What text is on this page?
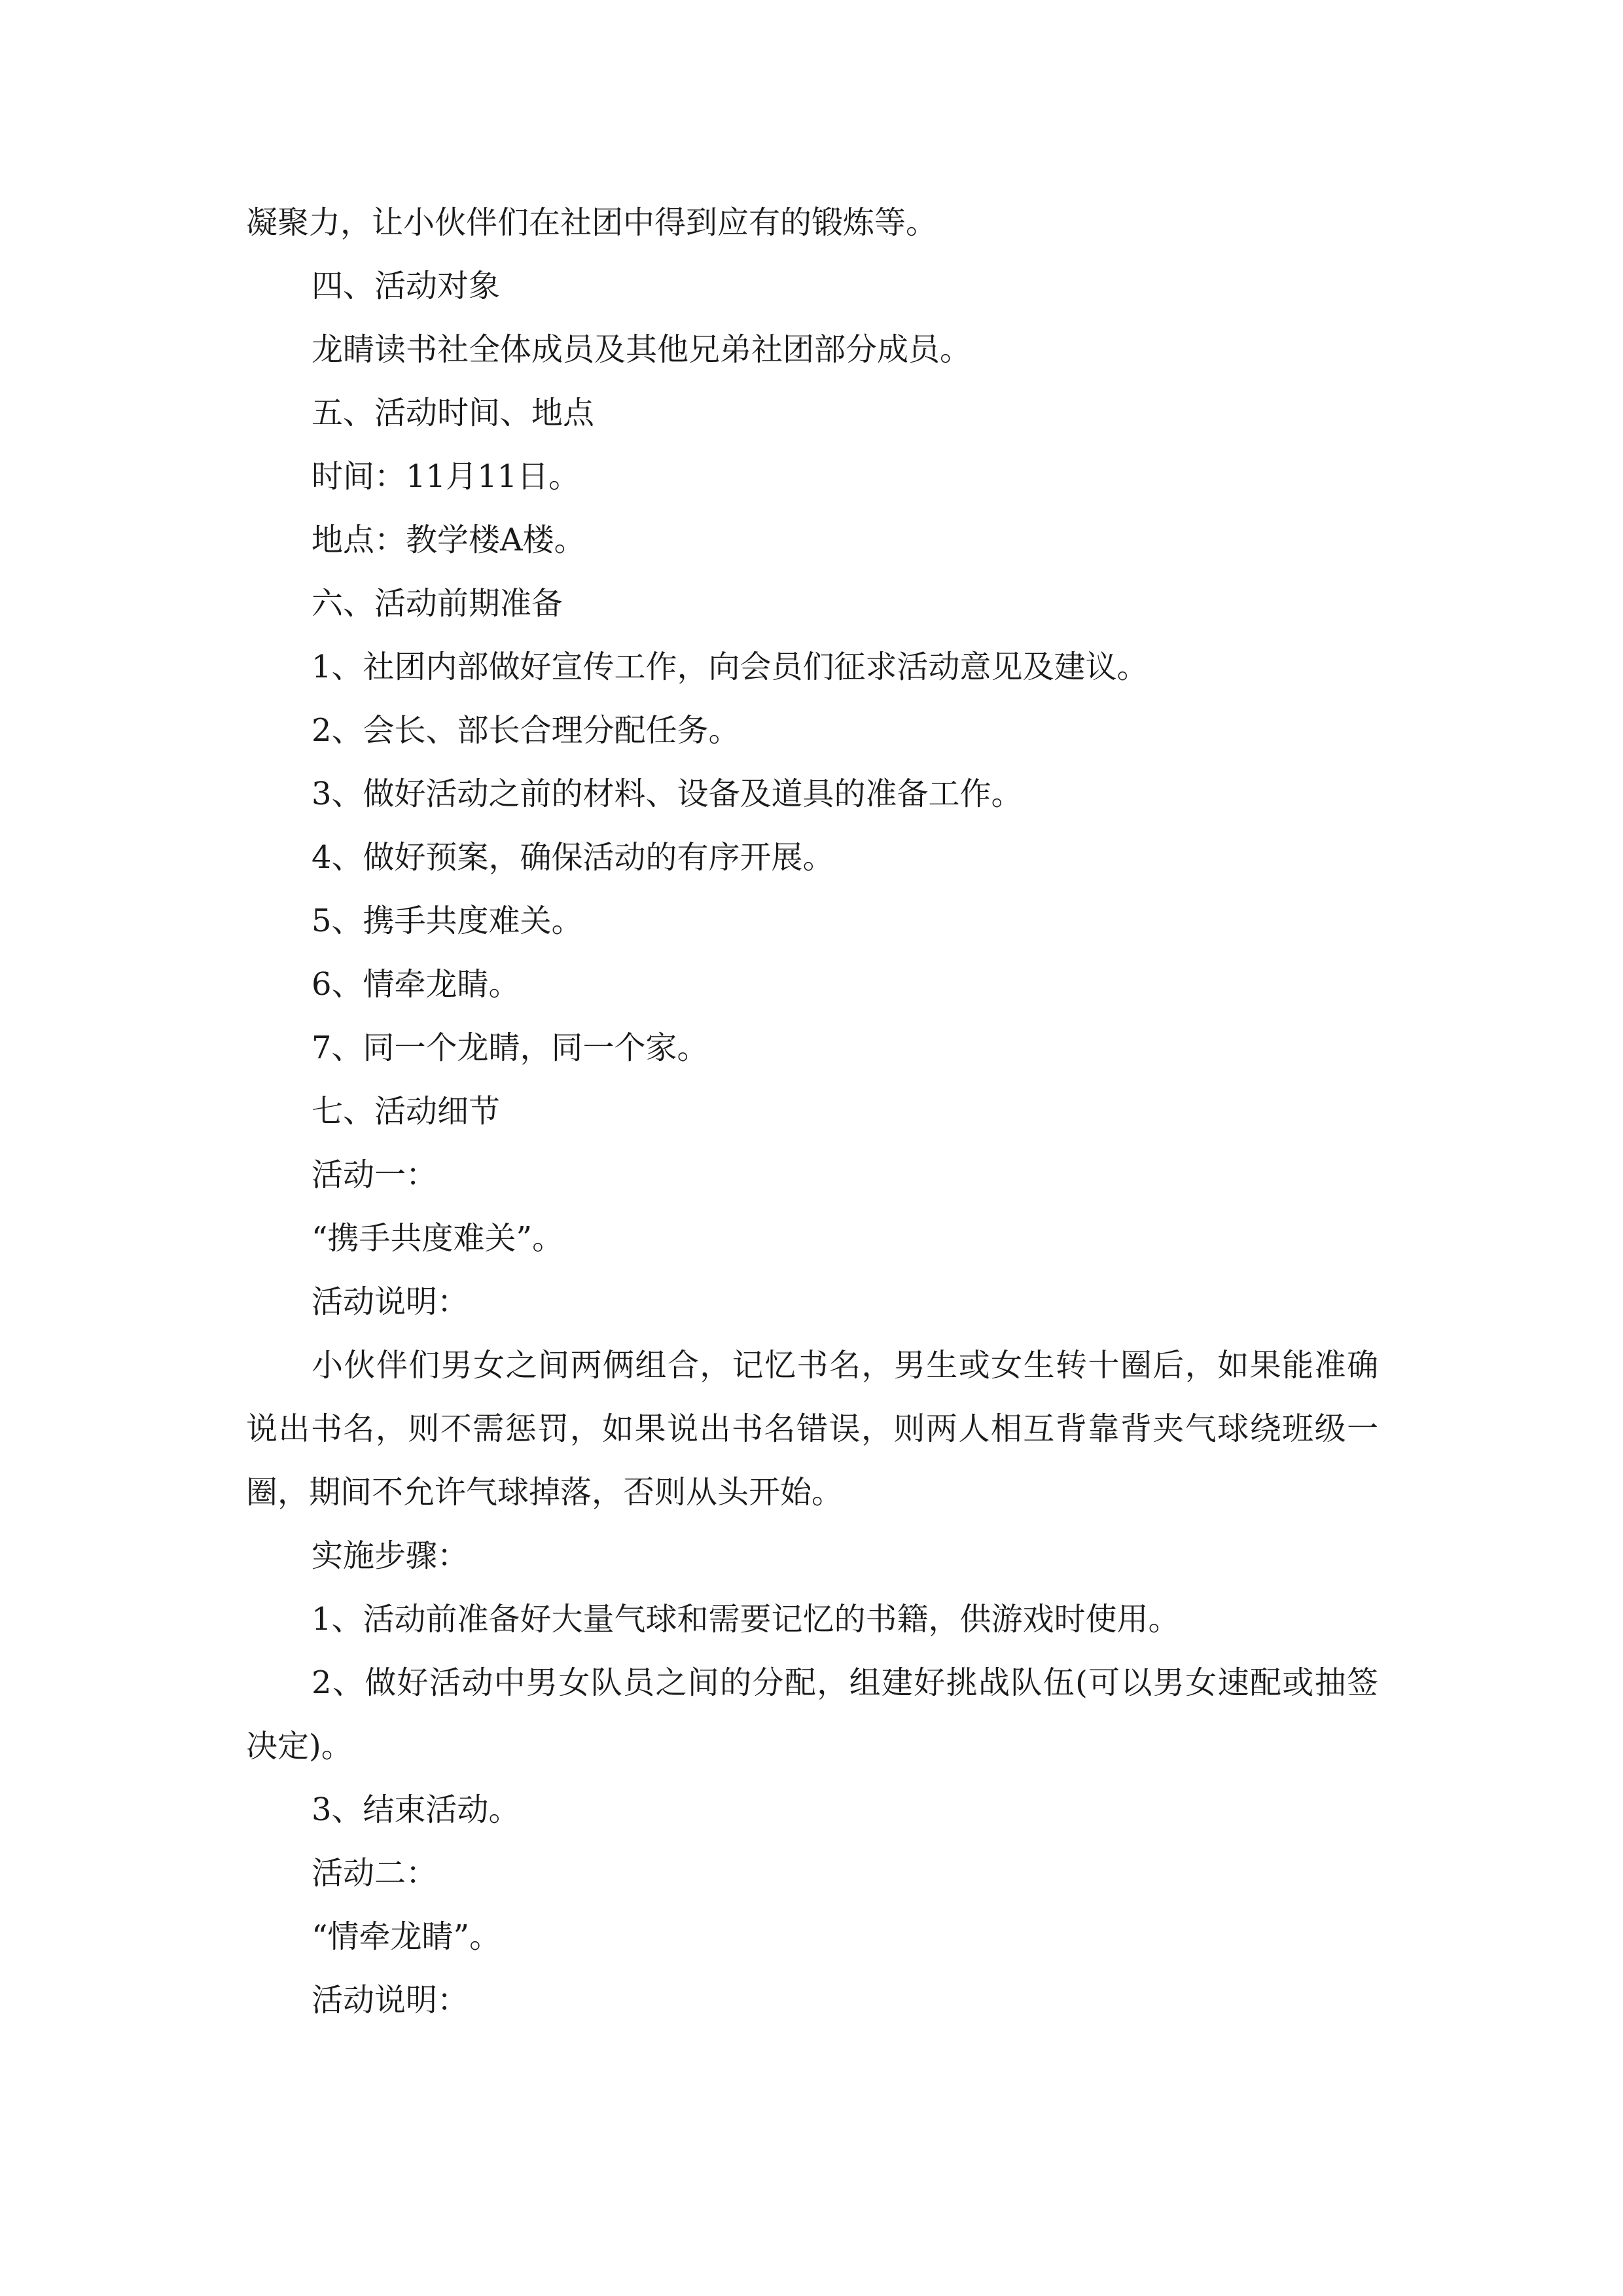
凝聚力，让小伙伴们在社团中得到应有的锻炼等。

四、活动对象

龙睛读书社全体成员及其他兄弟社团部分成员。

五、活动时间、地点

时间：11月11日。

地点：教学楼A楼。

六、活动前期准备

1、社团内部做好宣传工作，向会员们征求活动意见及建议。

2、会长、部长合理分配任务。

3、做好活动之前的材料、设备及道具的准备工作。

4、做好预案，确保活动的有序开展。

5、携手共度难关。

6、情牵龙睛。

7、同一个龙睛，同一个家。

七、活动细节

活动一：

“携手共度难关”。

活动说明：

小伙伴们男女之间两俩组合，记忆书名，男生或女生转十圈后，如果能准确说出书名，则不需惩罚，如果说出书名错误，则两人相互背靠背夹气球绕班级一圈，期间不允许气球掉落，否则从头开始。

实施步骤：

1、活动前准备好大量气球和需要记忆的书籍，供游戏时使用。

2、做好活动中男女队员之间的分配，组建好挑战队伍(可以男女速配或抽签决定)。

3、结束活动。

活动二：

“情牵龙睛”。

活动说明：
